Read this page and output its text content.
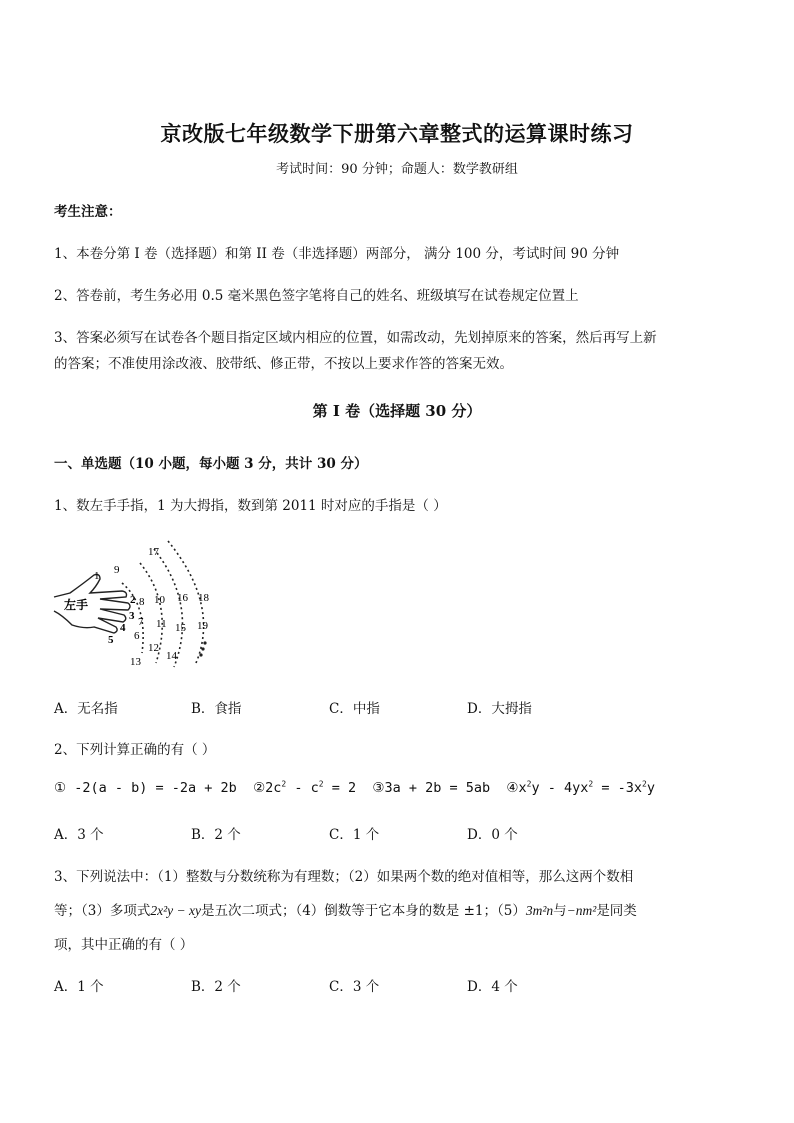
京改版七年级数学下册第六章整式的运算课时练习
考试时间：90 分钟；命题人：数学教研组
考生注意：
1、本卷分第 I 卷（选择题）和第 II 卷（非选择题）两部分， 满分 100 分，考试时间 90 分钟
2、答卷前，考生务必用 0.5 毫米黑色签字笔将自己的姓名、班级填写在试卷规定位置上
3、答案必须写在试卷各个题目指定区域内相应的位置，如需改动，先划掉原来的答案，然后再写上新
的答案；不准使用涂改液、胶带纸、修正带，不按以上要求作答的答案无效。
第 I 卷（选择题 30 分）
一、单选题（10 小题，每小题 3 分，共计 30 分）
1、数左手手指，1 为大拇指，数到第 2011 时对应的手指是（ ）
左手
1
2
3
4
5 6
7
8
9
10
11
12
13 14
15
16
17
18
19
A．无名指	B．食指	C．中指	D．大拇指
2、下列计算正确的有（ ）
① -2(a - b) = -2a + 2b $②2c^2 - c^2 = 2$ ③3a + 2b = 5ab $④x^2y - 4yx^2 = -3x^2y$
A．3 个	B．2 个	C．1 个	D．0 个
3、下列说法中：（1）整数与分数统称为有理数；（2）如果两个数的绝对值相等，那么这两个数相
等；（3）多项式2x²y − xy是五次二项式；（4）倒数等于它本身的数是 ±1；（5）3m²n与−nm²是同类
项，其中正确的有（ ）
A．1 个	B．2 个	C．3 个	D．4 个
